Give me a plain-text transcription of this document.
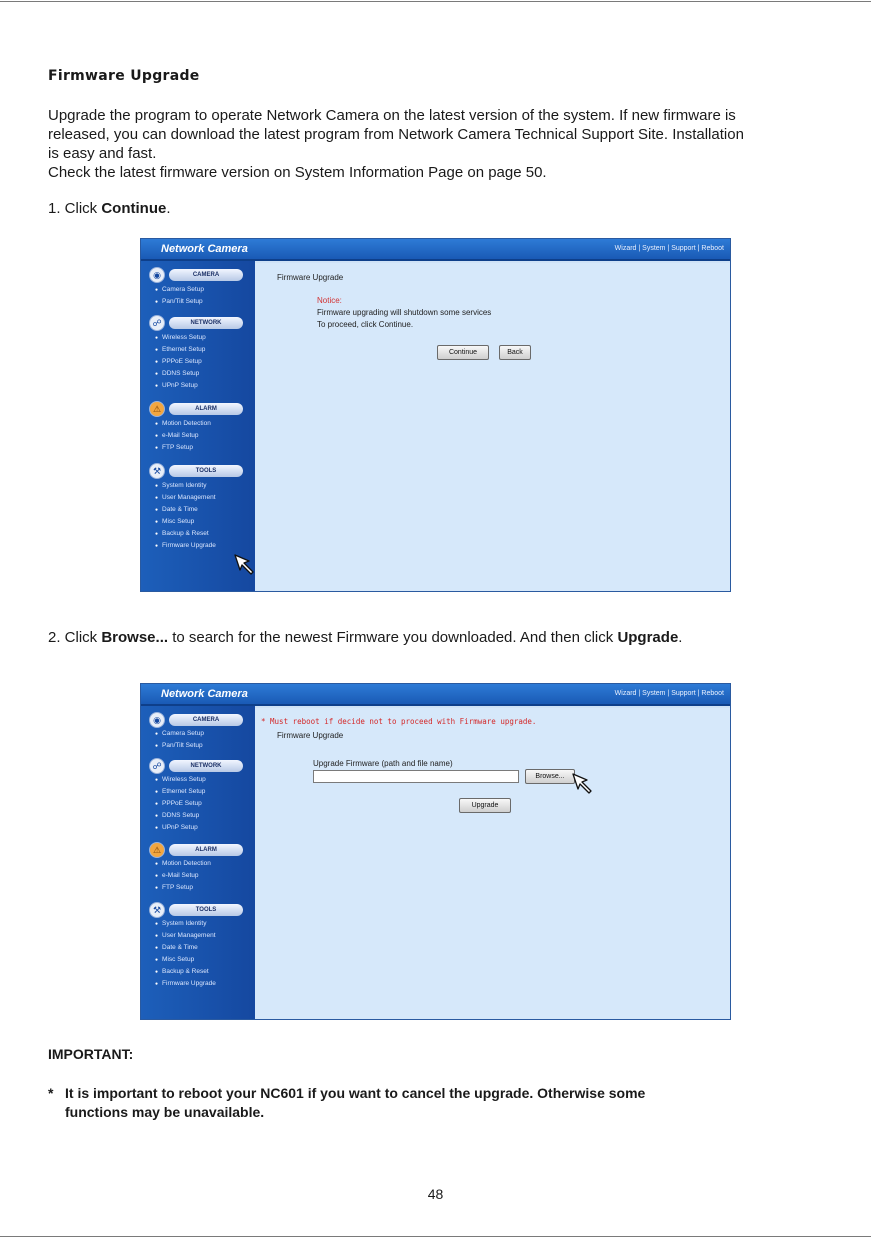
Firmware Upgrade
Upgrade the program to operate Network Camera on the latest version of the system. If new firmware is
released, you can download the latest program from Network Camera Technical Support Site. Installation
is easy and fast.
Check the latest firmware version on System Information Page on page 50.
1. Click Continue.
Network Camera	Wizard | System | Support | Reboot
◉	CAMERA
● Camera Setup
● Pan/Tilt Setup
☍	NETWORK
● Wireless Setup
● Ethernet Setup
● PPPoE Setup
● DDNS Setup
● UPnP Setup
⚠	ALARM
● Motion Detection
● e-Mail Setup
● FTP Setup
⚒	TOOLS
● System Identity
● User Management
● Date & Time
● Misc Setup
● Backup & Reset
● Firmware Upgrade
Firmware Upgrade
Notice:
Firmware upgrading will shutdown some services
To proceed, click Continue.
Continue	Back
2. Click Browse... to search for the newest Firmware you downloaded. And then click Upgrade.
Network Camera	Wizard | System | Support | Reboot
◉	CAMERA
● Camera Setup
● Pan/Tilt Setup
☍	NETWORK
● Wireless Setup
● Ethernet Setup
● PPPoE Setup
● DDNS Setup
● UPnP Setup
⚠	ALARM
● Motion Detection
● e-Mail Setup
● FTP Setup
⚒	TOOLS
● System Identity
● User Management
● Date & Time
● Misc Setup
● Backup & Reset
● Firmware Upgrade
* Must reboot if decide not to proceed with Firmware upgrade.
Firmware Upgrade
Upgrade Firmware (path and file name)
Browse...
Upgrade
IMPORTANT:
* It is important to reboot your NC601 if you want to cancel the upgrade. Otherwise some
functions may be unavailable.
48
